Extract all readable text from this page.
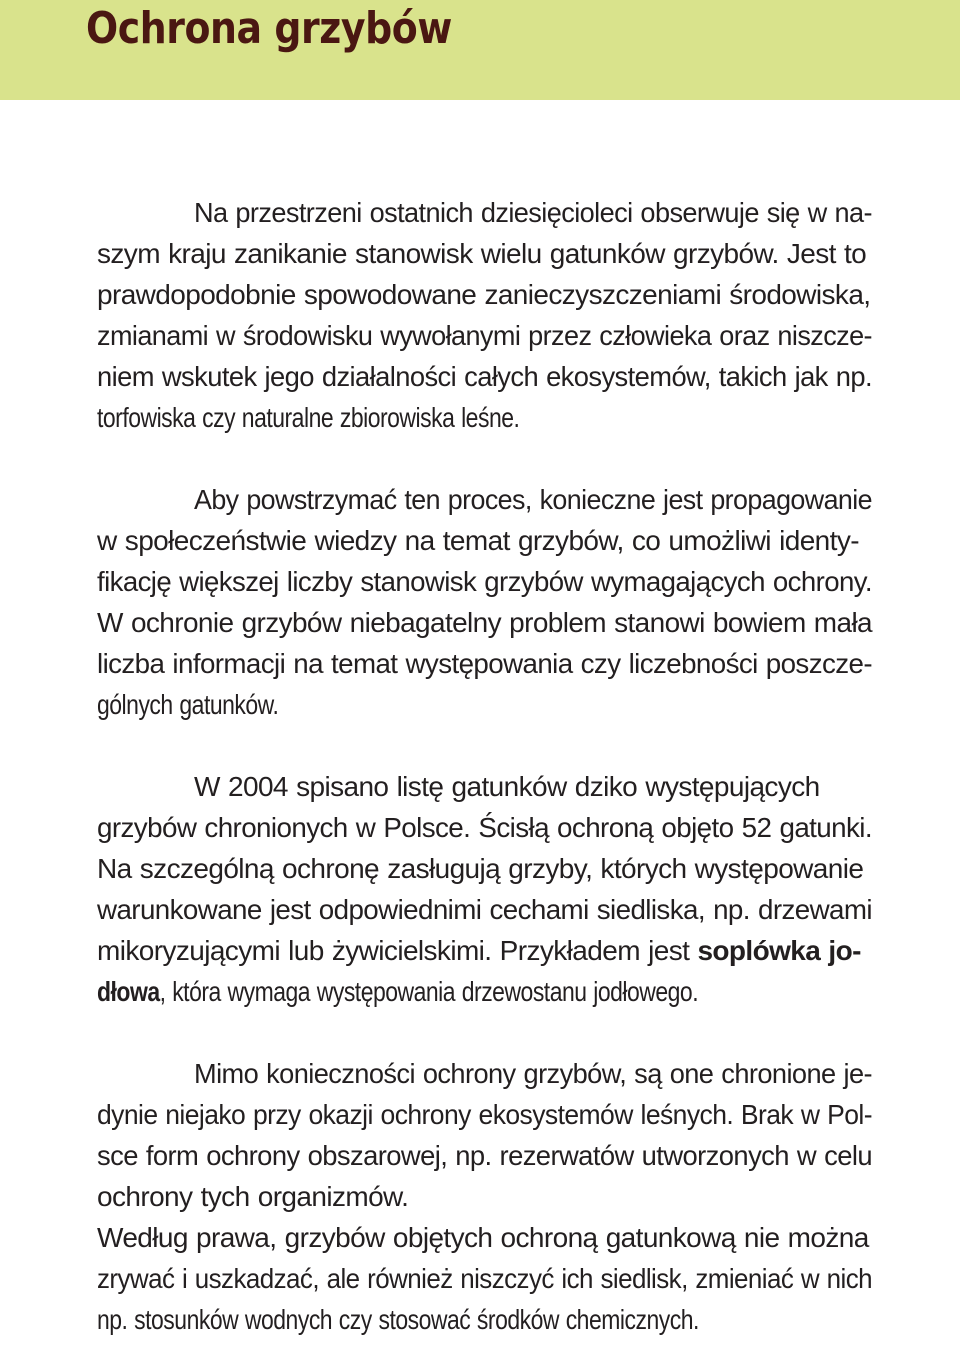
Ochrona grzybów
Na przestrzeni ostatnich dziesięcioleci obserwuje się w na-
szym kraju zanikanie stanowisk wielu gatunków grzybów. Jest to
prawdopodobnie spowodowane zanieczyszczeniami środowiska,
zmianami w środowisku wywołanymi przez człowieka oraz niszcze-
niem wskutek jego działalności całych ekosystemów, takich jak np.
torfowiska czy naturalne zbiorowiska leśne.
Aby powstrzymać ten proces, konieczne jest propagowanie
w społeczeństwie wiedzy na temat grzybów, co umożliwi identy-
fikację większej liczby stanowisk grzybów wymagających ochrony.
W ochronie grzybów niebagatelny problem stanowi bowiem mała
liczba informacji na temat występowania czy liczebności poszcze-
gólnych gatunków.
W 2004 spisano listę gatunków dziko występujących
grzybów chronionych w Polsce. Ścisłą ochroną objęto 52 gatunki.
Na szczególną ochronę zasługują grzyby, których występowanie
warunkowane jest odpowiednimi cechami siedliska, np. drzewami
mikoryzującymi lub żywicielskimi. Przykładem jest soplówka jo-
dłowa, która wymaga występowania drzewostanu jodłowego.
Mimo konieczności ochrony grzybów, są one chronione je-
dynie niejako przy okazji ochrony ekosystemów leśnych. Brak w Pol-
sce form ochrony obszarowej, np. rezerwatów utworzonych w celu
ochrony tych organizmów.
Według prawa, grzybów objętych ochroną gatunkową nie można
zrywać i uszkadzać, ale również niszczyć ich siedlisk, zmieniać w nich
np. stosunków wodnych czy stosować środków chemicznych.
